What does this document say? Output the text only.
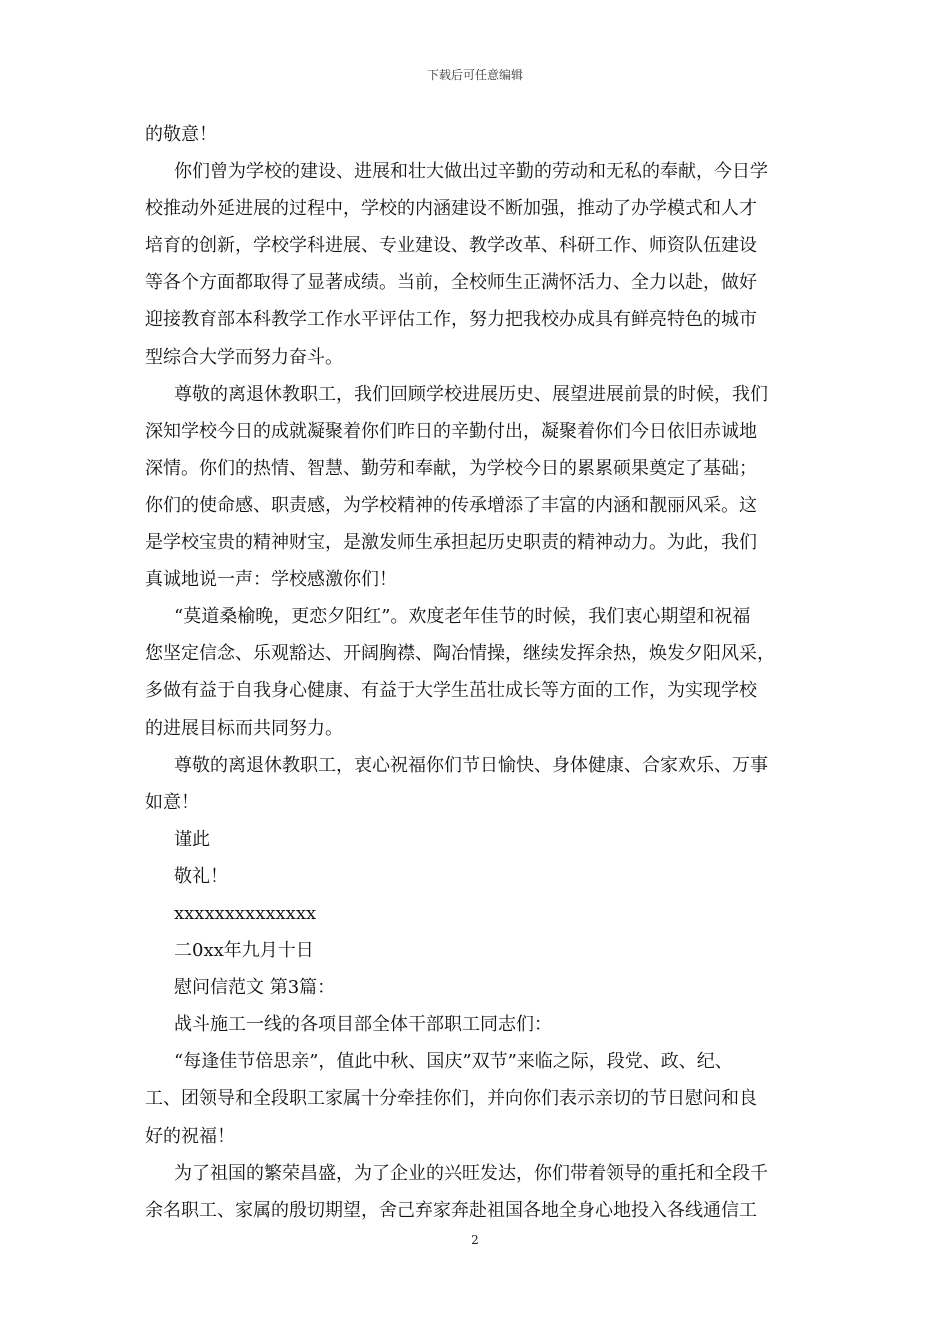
下载后可任意编辑

的敬意！

你们曾为学校的建设、进展和壮大做出过辛勤的劳动和无私的奉献，今日学

校推动外延进展的过程中，学校的内涵建设不断加强，推动了办学模式和人才

培育的创新，学校学科进展、专业建设、教学改革、科研工作、师资队伍建设

等各个方面都取得了显著成绩。当前，全校师生正满怀活力、全力以赴，做好

迎接教育部本科教学工作水平评估工作，努力把我校办成具有鲜亮特色的城市

型综合大学而努力奋斗。

尊敬的离退休教职工，我们回顾学校进展历史、展望进展前景的时候，我们

深知学校今日的成就凝聚着你们昨日的辛勤付出，凝聚着你们今日依旧赤诚地

深情。你们的热情、智慧、勤劳和奉献，为学校今日的累累硕果奠定了基础；

你们的使命感、职责感，为学校精神的传承增添了丰富的内涵和靓丽风采。这

是学校宝贵的精神财宝，是激发师生承担起历史职责的精神动力。为此，我们

真诚地说一声：学校感激你们！

“莫道桑榆晚，更恋夕阳红”。欢度老年佳节的时候，我们衷心期望和祝福

您坚定信念、乐观豁达、开阔胸襟、陶冶情操，继续发挥余热，焕发夕阳风采，

多做有益于自我身心健康、有益于大学生茁壮成长等方面的工作，为实现学校

的进展目标而共同努力。

尊敬的离退休教职工，衷心祝福你们节日愉快、身体健康、合家欢乐、万事

如意！

谨此

敬礼！

xxxxxxxxxxxxxx

二0xx年九月十日

慰问信范文 第3篇：

战斗施工一线的各项目部全体干部职工同志们：

“每逢佳节倍思亲”，值此中秋、国庆”双节”来临之际，段党、政、纪、

工、团领导和全段职工家属十分牵挂你们，并向你们表示亲切的节日慰问和良

好的祝福！

为了祖国的繁荣昌盛，为了企业的兴旺发达，你们带着领导的重托和全段千

余名职工、家属的殷切期望，舍己弃家奔赴祖国各地全身心地投入各线通信工

2
